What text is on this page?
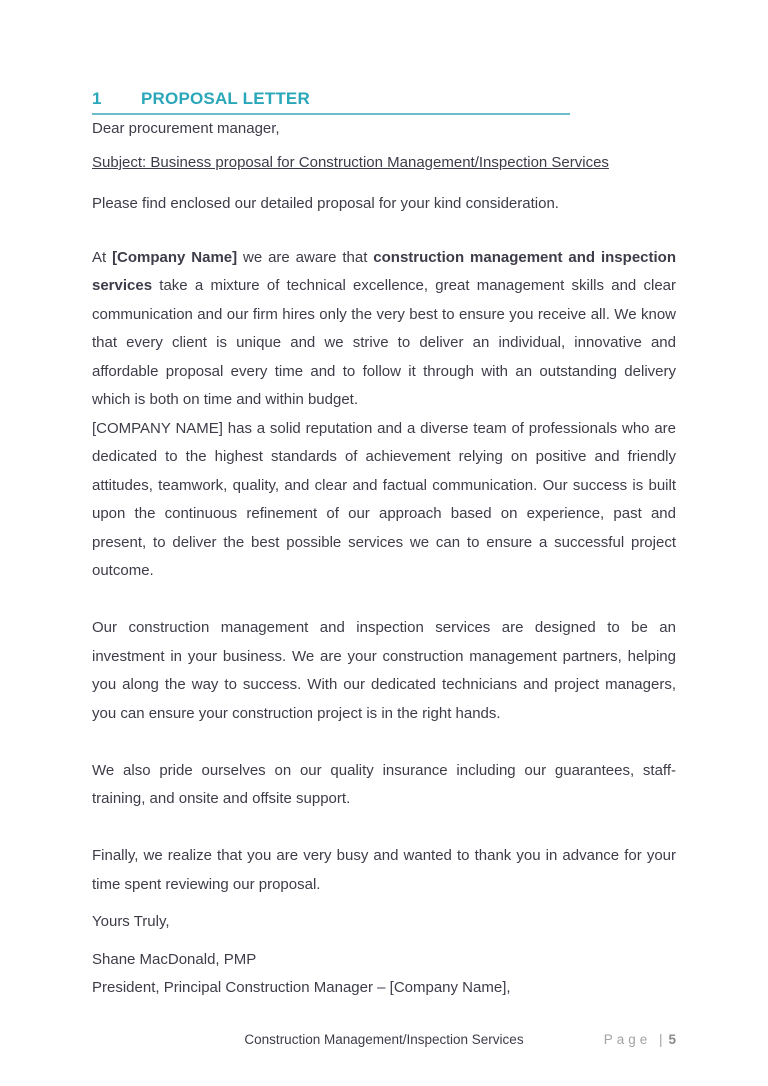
1	PROPOSAL LETTER

Dear procurement manager,

Subject: Business proposal for Construction Management/Inspection Services

Please find enclosed our detailed proposal for your kind consideration.

At [Company Name] we are aware that construction management and inspection services take a mixture of technical excellence, great management skills and clear communication and our firm hires only the very best to ensure you receive all. We know that every client is unique and we strive to deliver an individual, innovative and affordable proposal every time and to follow it through with an outstanding delivery which is both on time and within budget.

[COMPANY NAME] has a solid reputation and a diverse team of professionals who are dedicated to the highest standards of achievement relying on positive and friendly attitudes, teamwork, quality, and clear and factual communication. Our success is built upon the continuous refinement of our approach based on experience, past and present, to deliver the best possible services we can to ensure a successful project outcome.

Our construction management and inspection services are designed to be an investment in your business. We are your construction management partners, helping you along the way to success. With our dedicated technicians and project managers, you can ensure your construction project is in the right hands.

We also pride ourselves on our quality insurance including our guarantees, staff-training, and onsite and offsite support.

Finally, we realize that you are very busy and wanted to thank you in advance for your time spent reviewing our proposal.

Yours Truly,

Shane MacDonald, PMP
President, Principal Construction Manager – [Company Name],

Construction Management/Inspection Services	Page | 5
